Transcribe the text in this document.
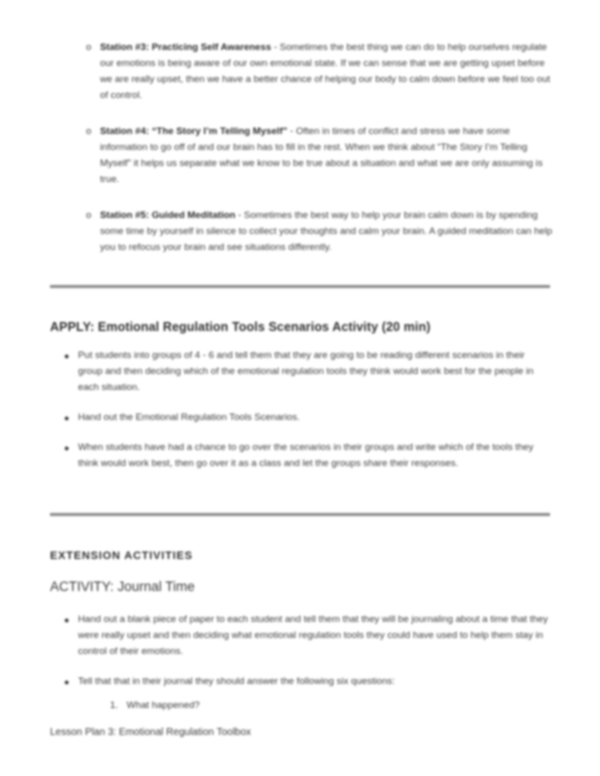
o Station #3: Practicing Self Awareness - Sometimes the best thing we can do to help ourselves regulate our emotions is being aware of our own emotional state. If we can sense that we are getting upset before we are really upset, then we have a better chance of helping our body to calm down before we feel too out of control.
o Station #4: “The Story I’m Telling Myself” - Often in times of conflict and stress we have some information to go off of and our brain has to fill in the rest. When we think about “The Story I’m Telling Myself” it helps us separate what we know to be true about a situation and what we are only assuming is true.
o Station #5: Guided Meditation - Sometimes the best way to help your brain calm down is by spending some time by yourself in silence to collect your thoughts and calm your brain. A guided meditation can help you to refocus your brain and see situations differently.
APPLY: Emotional Regulation Tools Scenarios Activity (20 min)
● Put students into groups of 4 - 6 and tell them that they are going to be reading different scenarios in their group and then deciding which of the emotional regulation tools they think would work best for the people in each situation.
● Hand out the Emotional Regulation Tools Scenarios.
● When students have had a chance to go over the scenarios in their groups and write which of the tools they think would work best, then go over it as a class and let the groups share their responses.
EXTENSION ACTIVITIES
ACTIVITY: Journal Time
● Hand out a blank piece of paper to each student and tell them that they will be journaling about a time that they were really upset and then deciding what emotional regulation tools they could have used to help them stay in control of their emotions.
● Tell that that in their journal they should answer the following six questions:
1. What happened?
Lesson Plan 3: Emotional Regulation Toolbox
